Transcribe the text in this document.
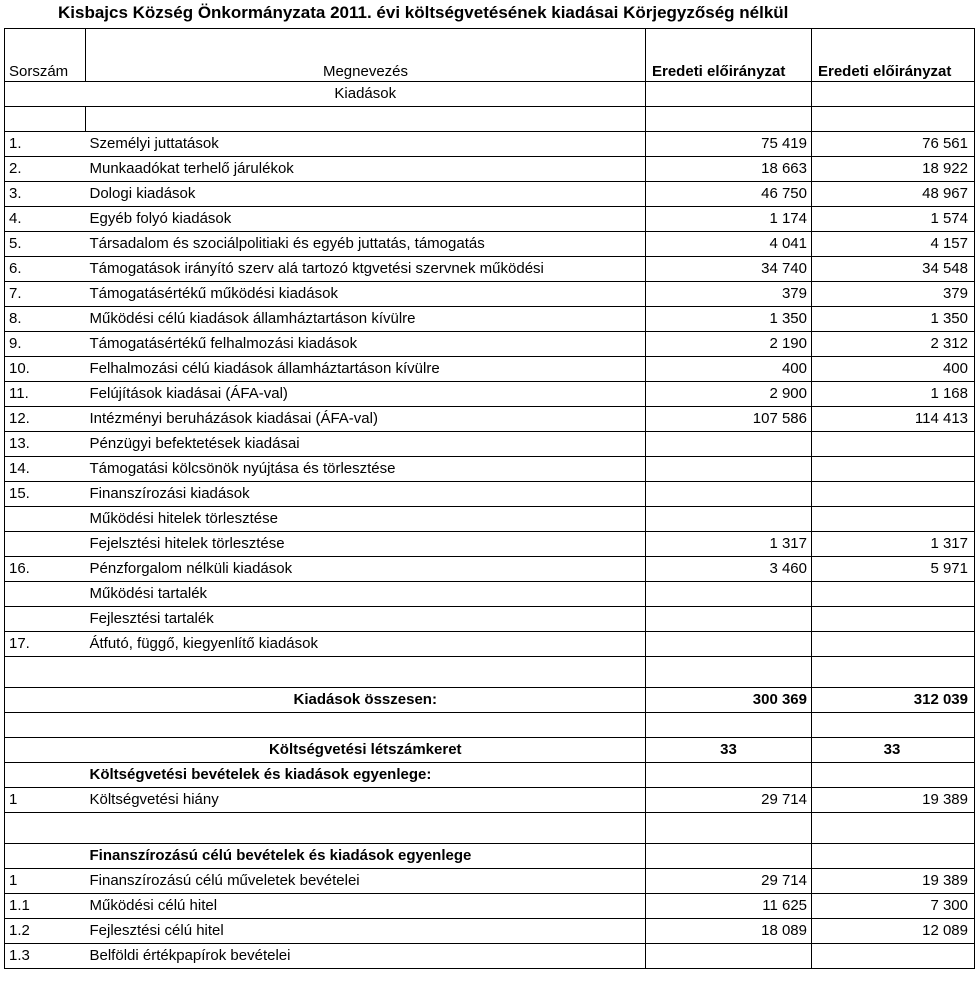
Kisbajcs Község Önkormányzata 2011. évi költségvetésének kiadásai Körjegyzőség nélkül
Sorszám	Megnevezés	Eredeti előirányzat	Eredeti előirányzat
	Kiadások		

1.	Személyi juttatások	75 419	76 561
2.	Munkaadókat terhelő járulékok	18 663	18 922
3.	Dologi kiadások	46 750	48 967
4.	Egyéb folyó kiadások	1 174	1 574
5.	Társadalom és szociálpolitiaki és egyéb juttatás, támogatás	4 041	4 157
6.	Támogatások irányító szerv alá tartozó ktgvetési szervnek működési	34 740	34 548
7.	Támogatásértékű működési kiadások	379	379
8.	Működési célú kiadások államháztartáson kívülre	1 350	1 350
9.	Támogatásértékű felhalmozási kiadások	2 190	2 312
10.	Felhalmozási célú kiadások államháztartáson kívülre	400	400
11.	Felújítások kiadásai (ÁFA-val)	2 900	1 168
12.	Intézményi beruházások kiadásai (ÁFA-val)	107 586	114 413
13.	Pénzügyi befektetések kiadásai		
14.	Támogatási kölcsönök nyújtása és törlesztése		
15.	Finanszírozási kiadások		
	Működési hitelek törlesztése		
	Fejelsztési hitelek törlesztése	1 317	1 317
16.	Pénzforgalom nélküli kiadások	3 460	5 971
	Működési tartalék		
	Fejlesztési tartalék		
17.	Átfutó, függő, kiegyenlítő kiadások		

	Kiadások összesen:	300 369	312 039

	Költségvetési létszámkeret	33	33
	Költségvetési bevételek és kiadások egyenlege:		
1	Költségvetési hiány	29 714	19 389

	Finanszírozású célú bevételek és kiadások egyenlege		
1	Finanszírozású célú műveletek bevételei	29 714	19 389
1.1	Működési célú hitel	11 625	7 300
1.2	Fejlesztési célú hitel	18 089	12 089
1.3	Belföldi értékpapírok bevételei		
